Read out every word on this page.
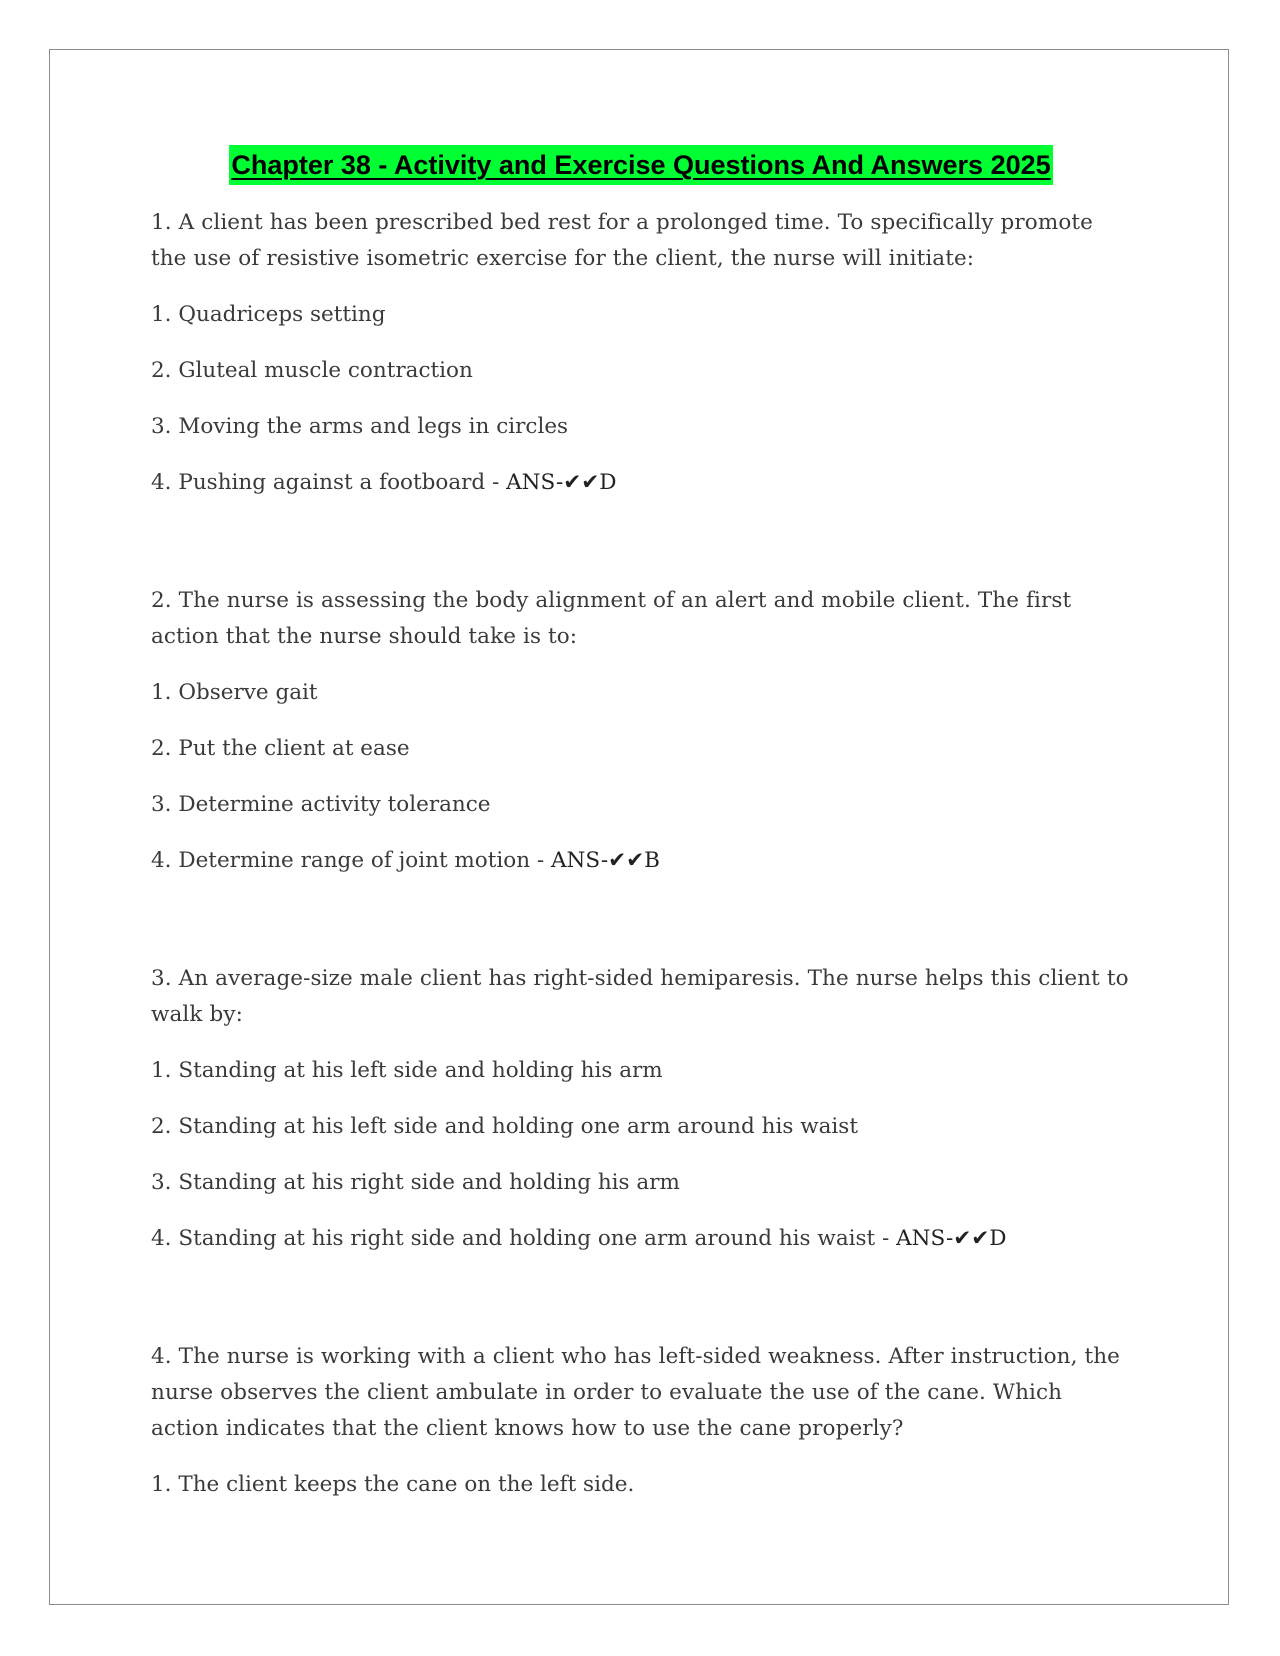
Chapter 38 - Activity and Exercise Questions And Answers 2025

1. A client has been prescribed bed rest for a prolonged time. To specifically promote the use of resistive isometric exercise for the client, the nurse will initiate:

1. Quadriceps setting

2. Gluteal muscle contraction

3. Moving the arms and legs in circles

4. Pushing against a footboard - ANS-✔✔D

2. The nurse is assessing the body alignment of an alert and mobile client. The first action that the nurse should take is to:

1. Observe gait

2. Put the client at ease

3. Determine activity tolerance

4. Determine range of joint motion - ANS-✔✔B

3. An average-size male client has right-sided hemiparesis. The nurse helps this client to walk by:

1. Standing at his left side and holding his arm

2. Standing at his left side and holding one arm around his waist

3. Standing at his right side and holding his arm

4. Standing at his right side and holding one arm around his waist - ANS-✔✔D

4. The nurse is working with a client who has left-sided weakness. After instruction, the nurse observes the client ambulate in order to evaluate the use of the cane. Which action indicates that the client knows how to use the cane properly?

1. The client keeps the cane on the left side.
